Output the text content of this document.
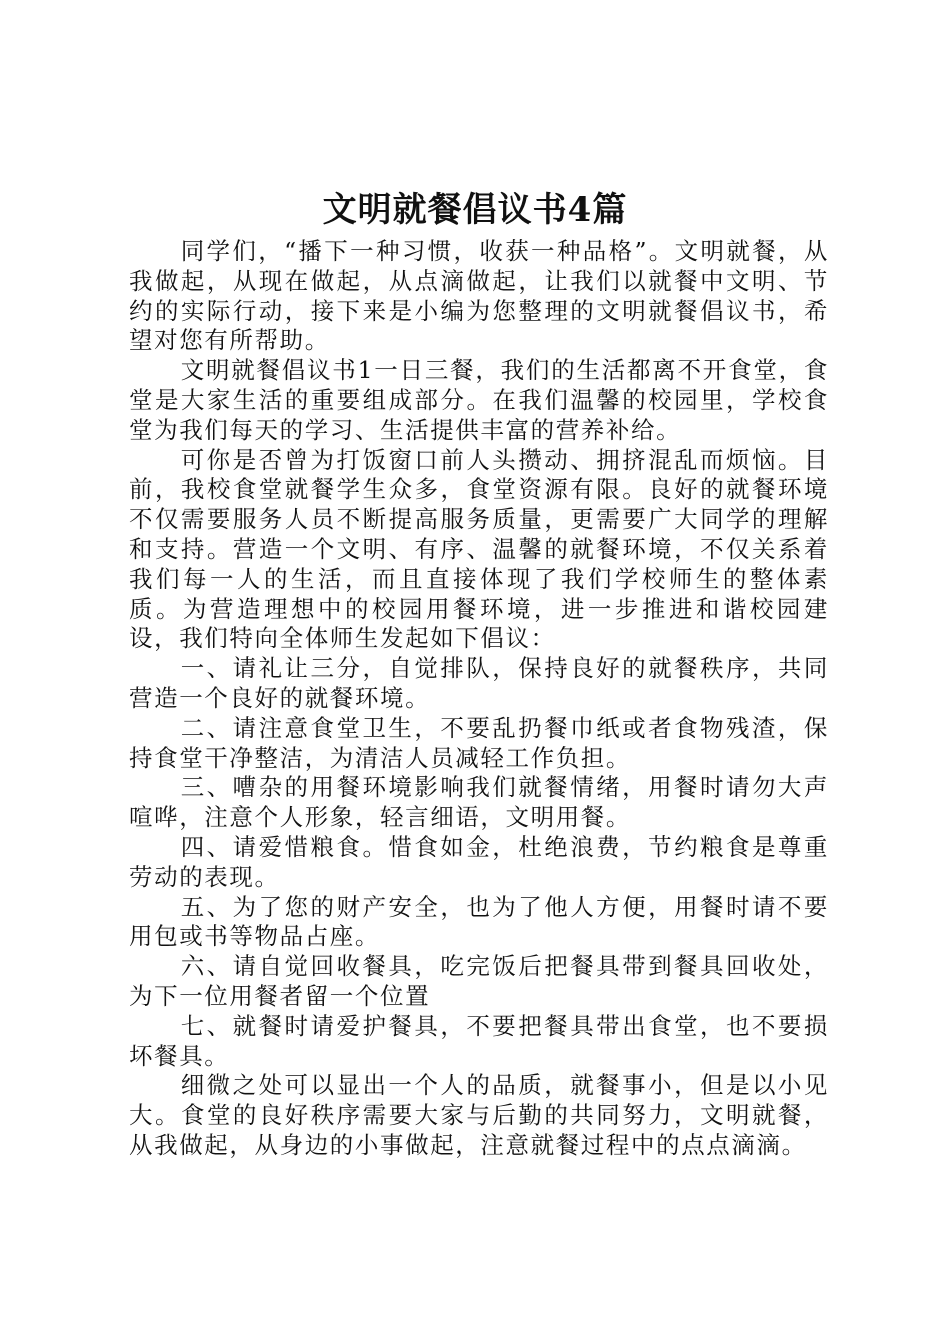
文明就餐倡议书4篇

同学们，“播下一种习惯，收获一种品格”。文明就餐，从我做起，从现在做起，从点滴做起，让我们以就餐中文明、节约的实际行动，接下来是小编为您整理的文明就餐倡议书，希望对您有所帮助。

文明就餐倡议书1一日三餐，我们的生活都离不开食堂，食堂是大家生活的重要组成部分。在我们温馨的校园里，学校食堂为我们每天的学习、生活提供丰富的营养补给。

可你是否曾为打饭窗口前人头攒动、拥挤混乱而烦恼。目前，我校食堂就餐学生众多，食堂资源有限。良好的就餐环境不仅需要服务人员不断提高服务质量，更需要广大同学的理解和支持。营造一个文明、有序、温馨的就餐环境，不仅关系着我们每一人的生活，而且直接体现了我们学校师生的整体素质。为营造理想中的校园用餐环境，进一步推进和谐校园建设，我们特向全体师生发起如下倡议：

一、请礼让三分，自觉排队，保持良好的就餐秩序，共同营造一个良好的就餐环境。

二、请注意食堂卫生，不要乱扔餐巾纸或者食物残渣，保持食堂干净整洁，为清洁人员减轻工作负担。

三、嘈杂的用餐环境影响我们就餐情绪，用餐时请勿大声喧哗，注意个人形象，轻言细语，文明用餐。

四、请爱惜粮食。惜食如金，杜绝浪费，节约粮食是尊重劳动的表现。

五、为了您的财产安全，也为了他人方便，用餐时请不要用包或书等物品占座。

六、请自觉回收餐具，吃完饭后把餐具带到餐具回收处，为下一位用餐者留一个位置

七、就餐时请爱护餐具，不要把餐具带出食堂，也不要损坏餐具。

细微之处可以显出一个人的品质，就餐事小，但是以小见大。食堂的良好秩序需要大家与后勤的共同努力，文明就餐，从我做起，从身边的小事做起，注意就餐过程中的点点滴滴。
